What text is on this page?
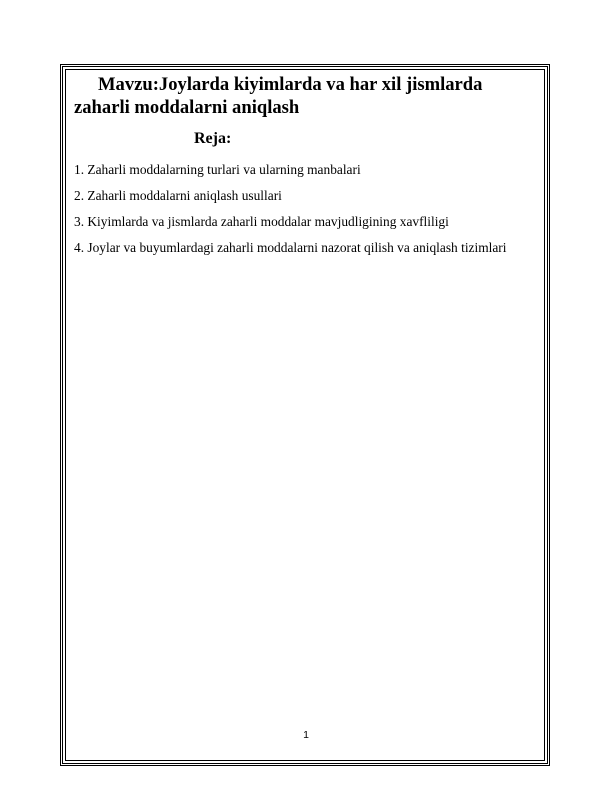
Mavzu:Joylarda kiyimlarda va har xil jismlarda zaharli moddalarni aniqlash
Reja:
1. Zaharli moddalarning turlari va ularning manbalari
2. Zaharli moddalarni aniqlash usullari
3. Kiyimlarda va jismlarda zaharli moddalar mavjudligining xavfliligi
4. Joylar va buyumlardagi zaharli moddalarni nazorat qilish va aniqlash tizimlari
1
